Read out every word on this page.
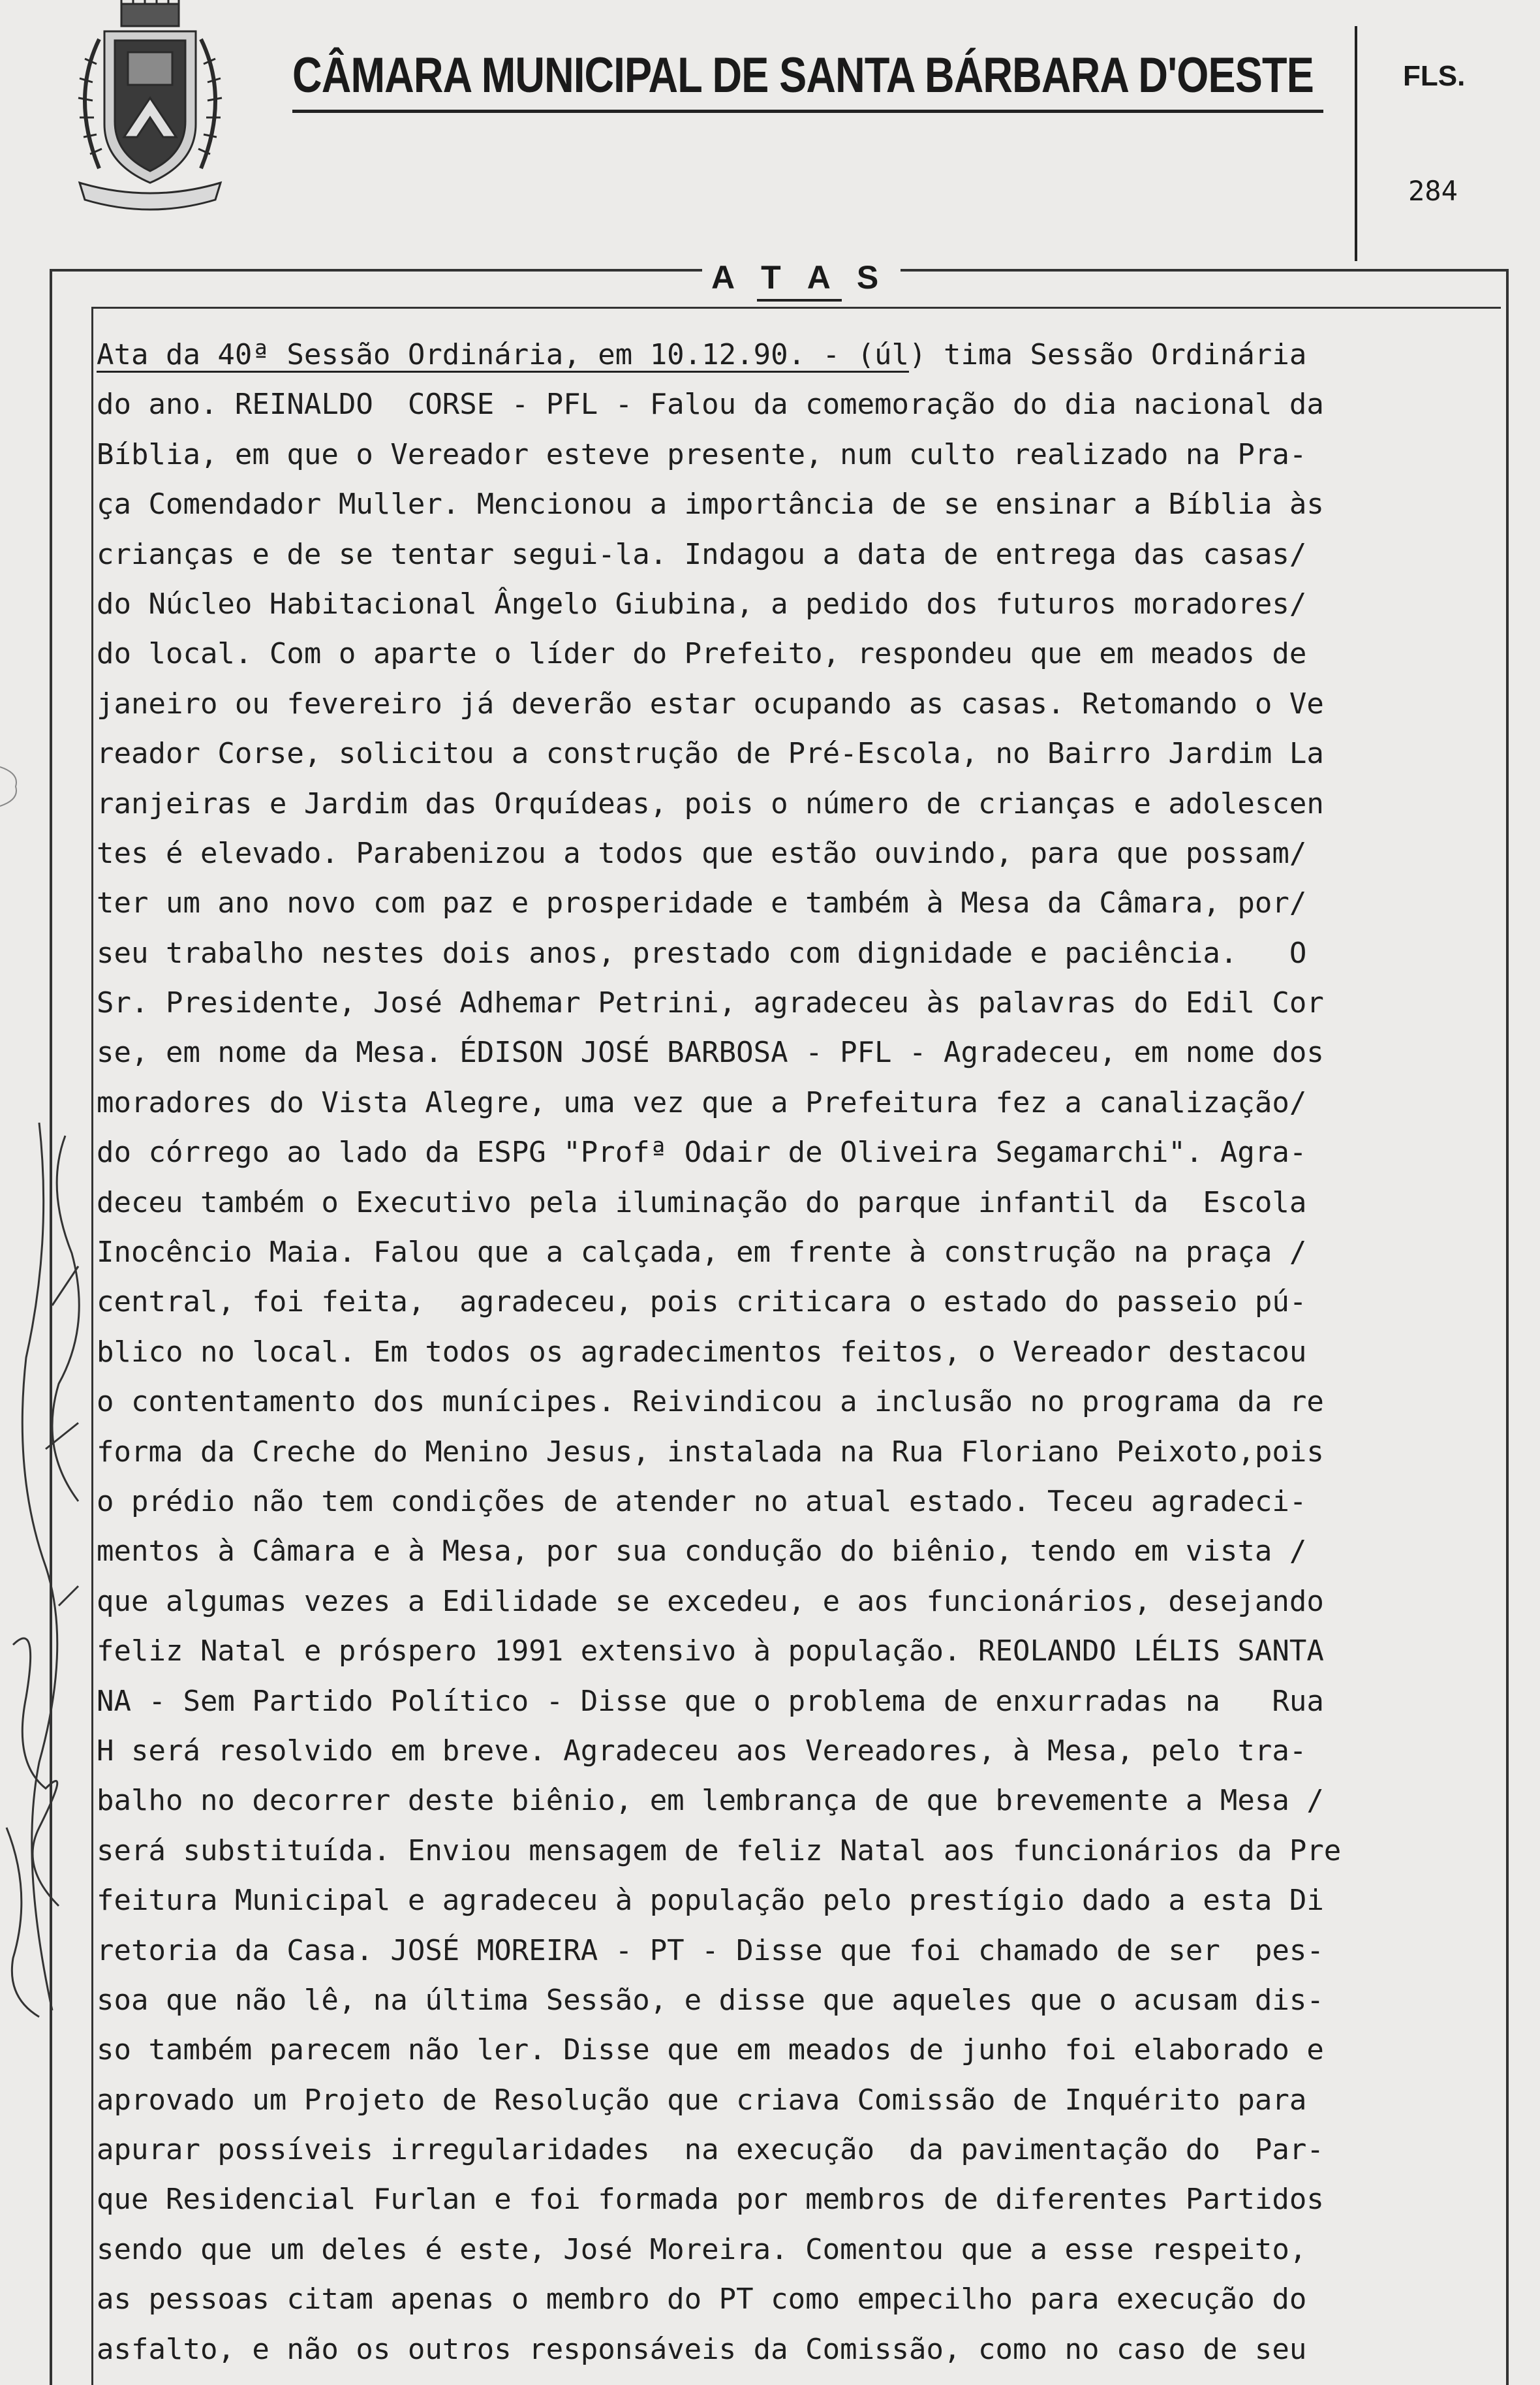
CÂMARA MUNICIPAL DE SANTA BÁRBARA D'OESTE	FLS.
284
A T A S
Ata da 40ª Sessão Ordinária, em 10.12.90. - (úl) tima Sessão Ordinária
do ano. REINALDO  CORSE - PFL - Falou da comemoração do dia nacional da
Bíblia, em que o Vereador esteve presente, num culto realizado na Pra-
ça Comendador Muller. Mencionou a importância de se ensinar a Bíblia às
crianças e de se tentar segui-la. Indagou a data de entrega das casas/
do Núcleo Habitacional Ângelo Giubina, a pedido dos futuros moradores/
do local. Com o aparte o líder do Prefeito, respondeu que em meados de
janeiro ou fevereiro já deverão estar ocupando as casas. Retomando o Ve
reador Corse, solicitou a construção de Pré-Escola, no Bairro Jardim La
ranjeiras e Jardim das Orquídeas, pois o número de crianças e adolescen
tes é elevado. Parabenizou a todos que estão ouvindo, para que possam/
ter um ano novo com paz e prosperidade e também à Mesa da Câmara, por/
seu trabalho nestes dois anos, prestado com dignidade e paciência.   O
Sr. Presidente, José Adhemar Petrini, agradeceu às palavras do Edil Cor
se, em nome da Mesa. ÉDISON JOSÉ BARBOSA - PFL - Agradeceu, em nome dos
moradores do Vista Alegre, uma vez que a Prefeitura fez a canalização/
do córrego ao lado da ESPG "Profª Odair de Oliveira Segamarchi". Agra-
deceu também o Executivo pela iluminação do parque infantil da  Escola
Inocêncio Maia. Falou que a calçada, em frente à construção na praça /
central, foi feita,  agradeceu, pois criticara o estado do passeio pú-
blico no local. Em todos os agradecimentos feitos, o Vereador destacou
o contentamento dos munícipes. Reivindicou a inclusão no programa da re
forma da Creche do Menino Jesus, instalada na Rua Floriano Peixoto,pois
o prédio não tem condições de atender no atual estado. Teceu agradeci-
mentos à Câmara e à Mesa, por sua condução do biênio, tendo em vista /
que algumas vezes a Edilidade se excedeu, e aos funcionários, desejando
feliz Natal e próspero 1991 extensivo à população. REOLANDO LÉLIS SANTA
NA - Sem Partido Político - Disse que o problema de enxurradas na   Rua
H será resolvido em breve. Agradeceu aos Vereadores, à Mesa, pelo tra-
balho no decorrer deste biênio, em lembrança de que brevemente a Mesa /
será substituída. Enviou mensagem de feliz Natal aos funcionários da Pre
feitura Municipal e agradeceu à população pelo prestígio dado a esta Di
retoria da Casa. JOSÉ MOREIRA - PT - Disse que foi chamado de ser  pes-
soa que não lê, na última Sessão, e disse que aqueles que o acusam dis-
so também parecem não ler. Disse que em meados de junho foi elaborado e
aprovado um Projeto de Resolução que criava Comissão de Inquérito para
apurar possíveis irregularidades  na execução  da pavimentação do  Par-
que Residencial Furlan e foi formada por membros de diferentes Partidos
sendo que um deles é este, José Moreira. Comentou que a esse respeito,
as pessoas citam apenas o membro do PT como empecilho para execução do
asfalto, e não os outros responsáveis da Comissão, como no caso de seu
